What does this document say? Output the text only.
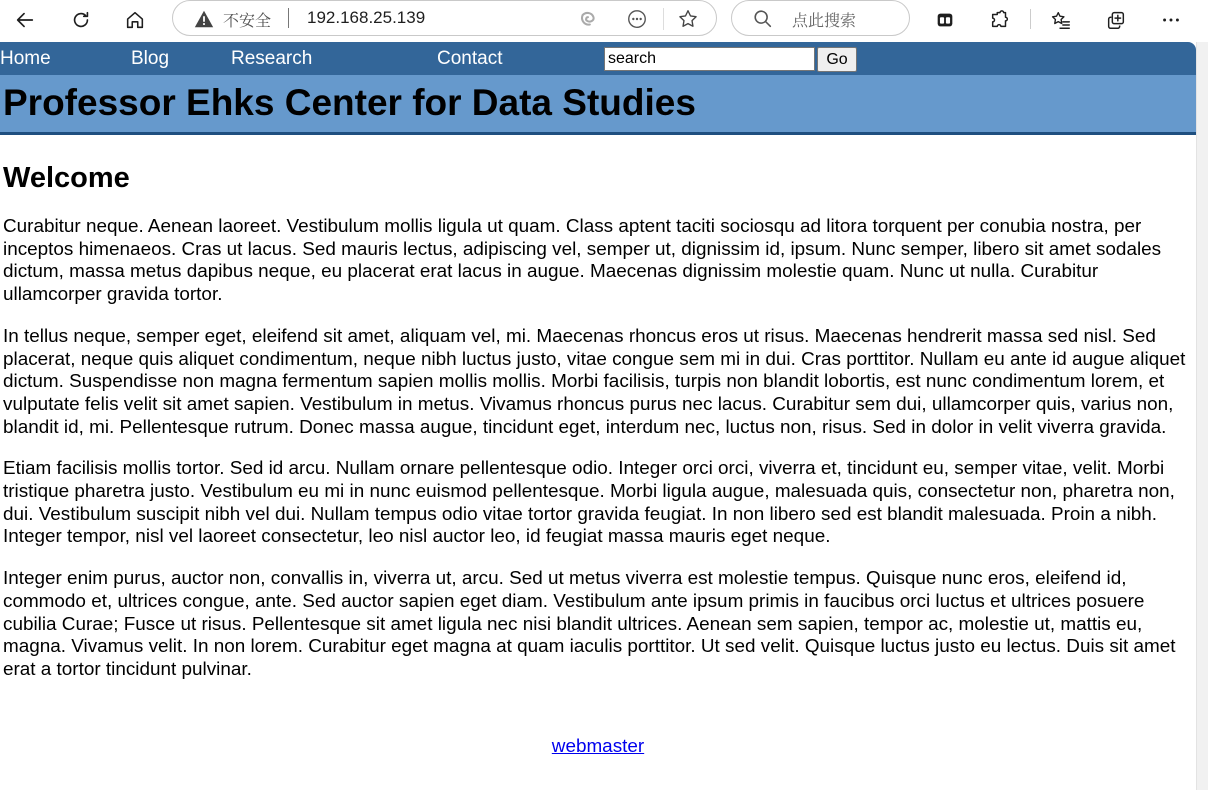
不安全 192.168.25.139	点此搜索
Home	Blog	Research	Contact
search	Go
Professor Ehks Center for Data Studies
Welcome

Curabitur neque. Aenean laoreet. Vestibulum mollis ligula ut quam. Class aptent taciti sociosqu ad litora torquent per conubia nostra, per inceptos himenaeos. Cras ut lacus. Sed mauris lectus, adipiscing vel, semper ut, dignissim id, ipsum. Nunc semper, libero sit amet sodales dictum, massa metus dapibus neque, eu placerat erat lacus in augue. Maecenas dignissim molestie quam. Nunc ut nulla. Curabitur ullamcorper gravida tortor.

In tellus neque, semper eget, eleifend sit amet, aliquam vel, mi. Maecenas rhoncus eros ut risus. Maecenas hendrerit massa sed nisl. Sed placerat, neque quis aliquet condimentum, neque nibh luctus justo, vitae congue sem mi in dui. Cras porttitor. Nullam eu ante id augue aliquet dictum. Suspendisse non magna fermentum sapien mollis mollis. Morbi facilisis, turpis non blandit lobortis, est nunc condimentum lorem, et vulputate felis velit sit amet sapien. Vestibulum in metus. Vivamus rhoncus purus nec lacus. Curabitur sem dui, ullamcorper quis, varius non, blandit id, mi. Pellentesque rutrum. Donec massa augue, tincidunt eget, interdum nec, luctus non, risus. Sed in dolor in velit viverra gravida.

Etiam facilisis mollis tortor. Sed id arcu. Nullam ornare pellentesque odio. Integer orci orci, viverra et, tincidunt eu, semper vitae, velit. Morbi tristique pharetra justo. Vestibulum eu mi in nunc euismod pellentesque. Morbi ligula augue, malesuada quis, consectetur non, pharetra non, dui. Vestibulum suscipit nibh vel dui. Nullam tempus odio vitae tortor gravida feugiat. In non libero sed est blandit malesuada. Proin a nibh. Integer tempor, nisl vel laoreet consectetur, leo nisl auctor leo, id feugiat massa mauris eget neque.

Integer enim purus, auctor non, convallis in, viverra ut, arcu. Sed ut metus viverra est molestie tempus. Quisque nunc eros, eleifend id, commodo et, ultrices congue, ante. Sed auctor sapien eget diam. Vestibulum ante ipsum primis in faucibus orci luctus et ultrices posuere cubilia Curae; Fusce ut risus. Pellentesque sit amet ligula nec nisi blandit ultrices. Aenean sem sapien, tempor ac, molestie ut, mattis eu, magna. Vivamus velit. In non lorem. Curabitur eget magna at quam iaculis porttitor. Ut sed velit. Quisque luctus justo eu lectus. Duis sit amet erat a tortor tincidunt pulvinar.

webmaster
